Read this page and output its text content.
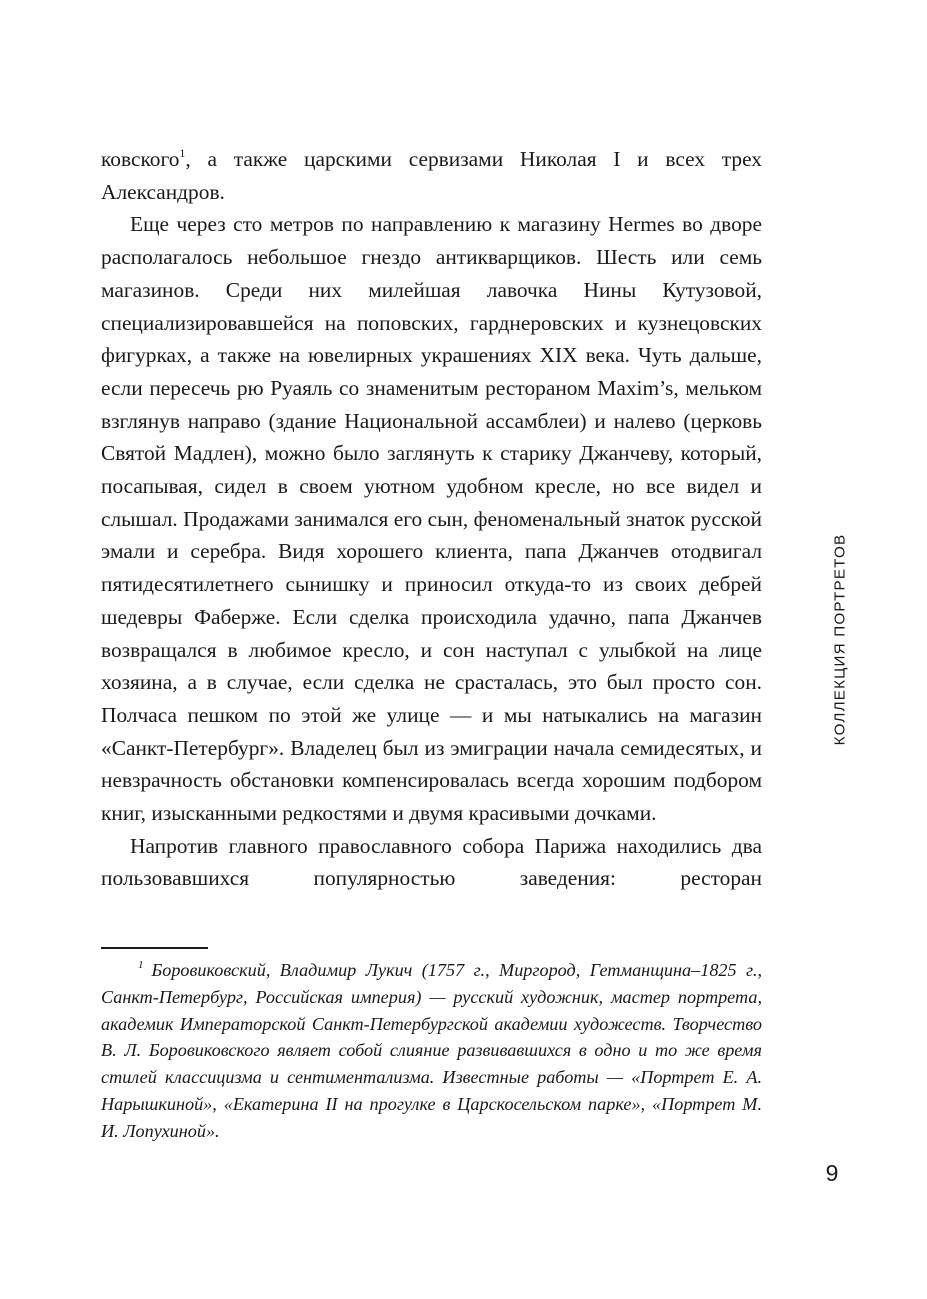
ковского$^1$, а также царскими сервизами Николая I и всех трех Александров.

Еще через сто метров по направлению к магазину Hermes во дворе располагалось небольшое гнездо антикварщиков. Шесть или семь магазинов. Среди них милейшая лавочка Нины Кутузовой, специализировавшейся на поповских, гарднеровских и кузнецовских фигурках, а также на ювелирных украшениях XIX века. Чуть дальше, если пересечь рю Руаяль со знаменитым рестораном Maxim’s, мельком взглянув направо (здание Национальной ассамблеи) и налево (церковь Святой Мадлен), можно было заглянуть к старику Джанчеву, который, посапывая, сидел в своем уютном удобном кресле, но все видел и слышал. Продажами занимался его сын, феноменальный знаток русской эмали и серебра. Видя хорошего клиента, папа Джанчев отодвигал пятидесятилетнего сынишку и приносил откуда-то из своих дебрей шедевры Фаберже. Если сделка происходила удачно, папа Джанчев возвращался в любимое кресло, и сон наступал с улыбкой на лице хозяина, а в случае, если сделка не срасталась, это был просто сон. Полчаса пешком по этой же улице — и мы натыкались на магазин «Санкт-Петербург». Владелец был из эмиграции начала семидесятых, и невзрачность обстановки компенсировалась всегда хорошим подбором книг, изысканными редкостями и двумя красивыми дочками.

Напротив главного православного собора Парижа находились два пользовавшихся популярностью заведения: ресторан

$^1$ Боровиковский, Владимир Лукич (1757 г., Миргород, Гетманщина–1825 г., Санкт-Петербург, Российская империя) — русский художник, мастер портрета, академик Императорской Санкт-Петербургской академии художеств. Творчество В. Л. Боровиковского являет собой слияние развивавшихся в одно и то же время стилей классицизма и сентиментализма. Известные работы — «Портрет Е. А. Нарышкиной», «Екатерина II на прогулке в Царскосельском парке», «Портрет М. И. Лопухиной».

КОЛЛЕКЦИЯ ПОРТРЕТОВ
9
